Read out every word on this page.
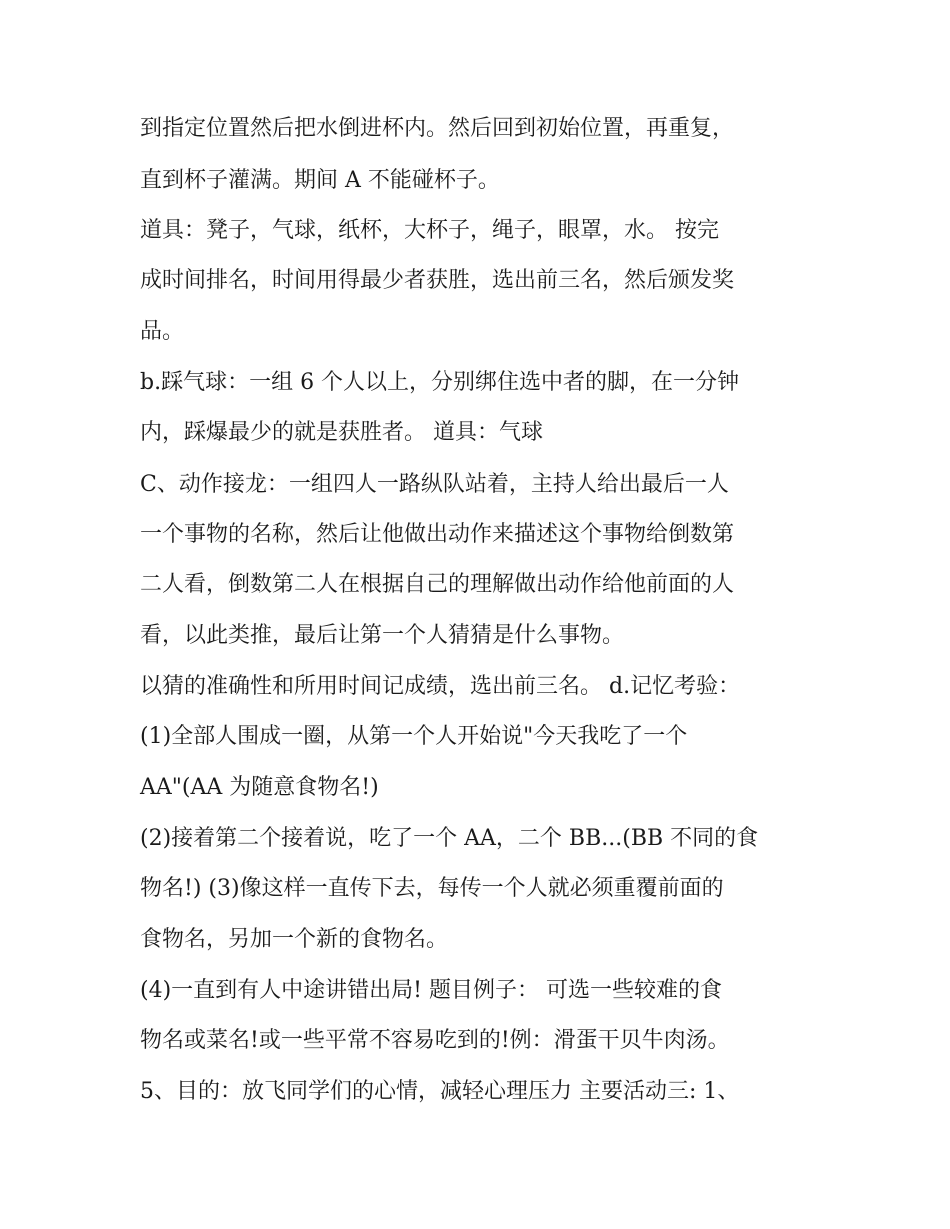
到指定位置然后把水倒进杯内。然后回到初始位置，再重复，
直到杯子灌满。期间 A 不能碰杯子。
道具：凳子，气球，纸杯，大杯子，绳子，眼罩，水。 按完
成时间排名，时间用得最少者获胜，选出前三名，然后颁发奖
品。
b.踩气球：一组 6 个人以上，分别绑住选中者的脚，在一分钟
内，踩爆最少的就是获胜者。 道具：气球
C、动作接龙：一组四人一路纵队站着，主持人给出最后一人
一个事物的名称，然后让他做出动作来描述这个事物给倒数第
二人看，倒数第二人在根据自己的理解做出动作给他前面的人
看，以此类推，最后让第一个人猜猜是什么事物。
以猜的准确性和所用时间记成绩，选出前三名。 d.记忆考验：
(1)全部人围成一圈，从第一个人开始说"今天我吃了一个
AA"(AA 为随意食物名!)
(2)接着第二个接着说，吃了一个 AA，二个 BB...(BB 不同的食
物名!) (3)像这样一直传下去，每传一个人就必须重覆前面的
食物名，另加一个新的食物名。
(4)一直到有人中途讲错出局! 题目例子： 可选一些较难的食
物名或菜名!或一些平常不容易吃到的!例：滑蛋干贝牛肉汤。
5、目的：放飞同学们的心情，减轻心理压力 主要活动三: 1、
